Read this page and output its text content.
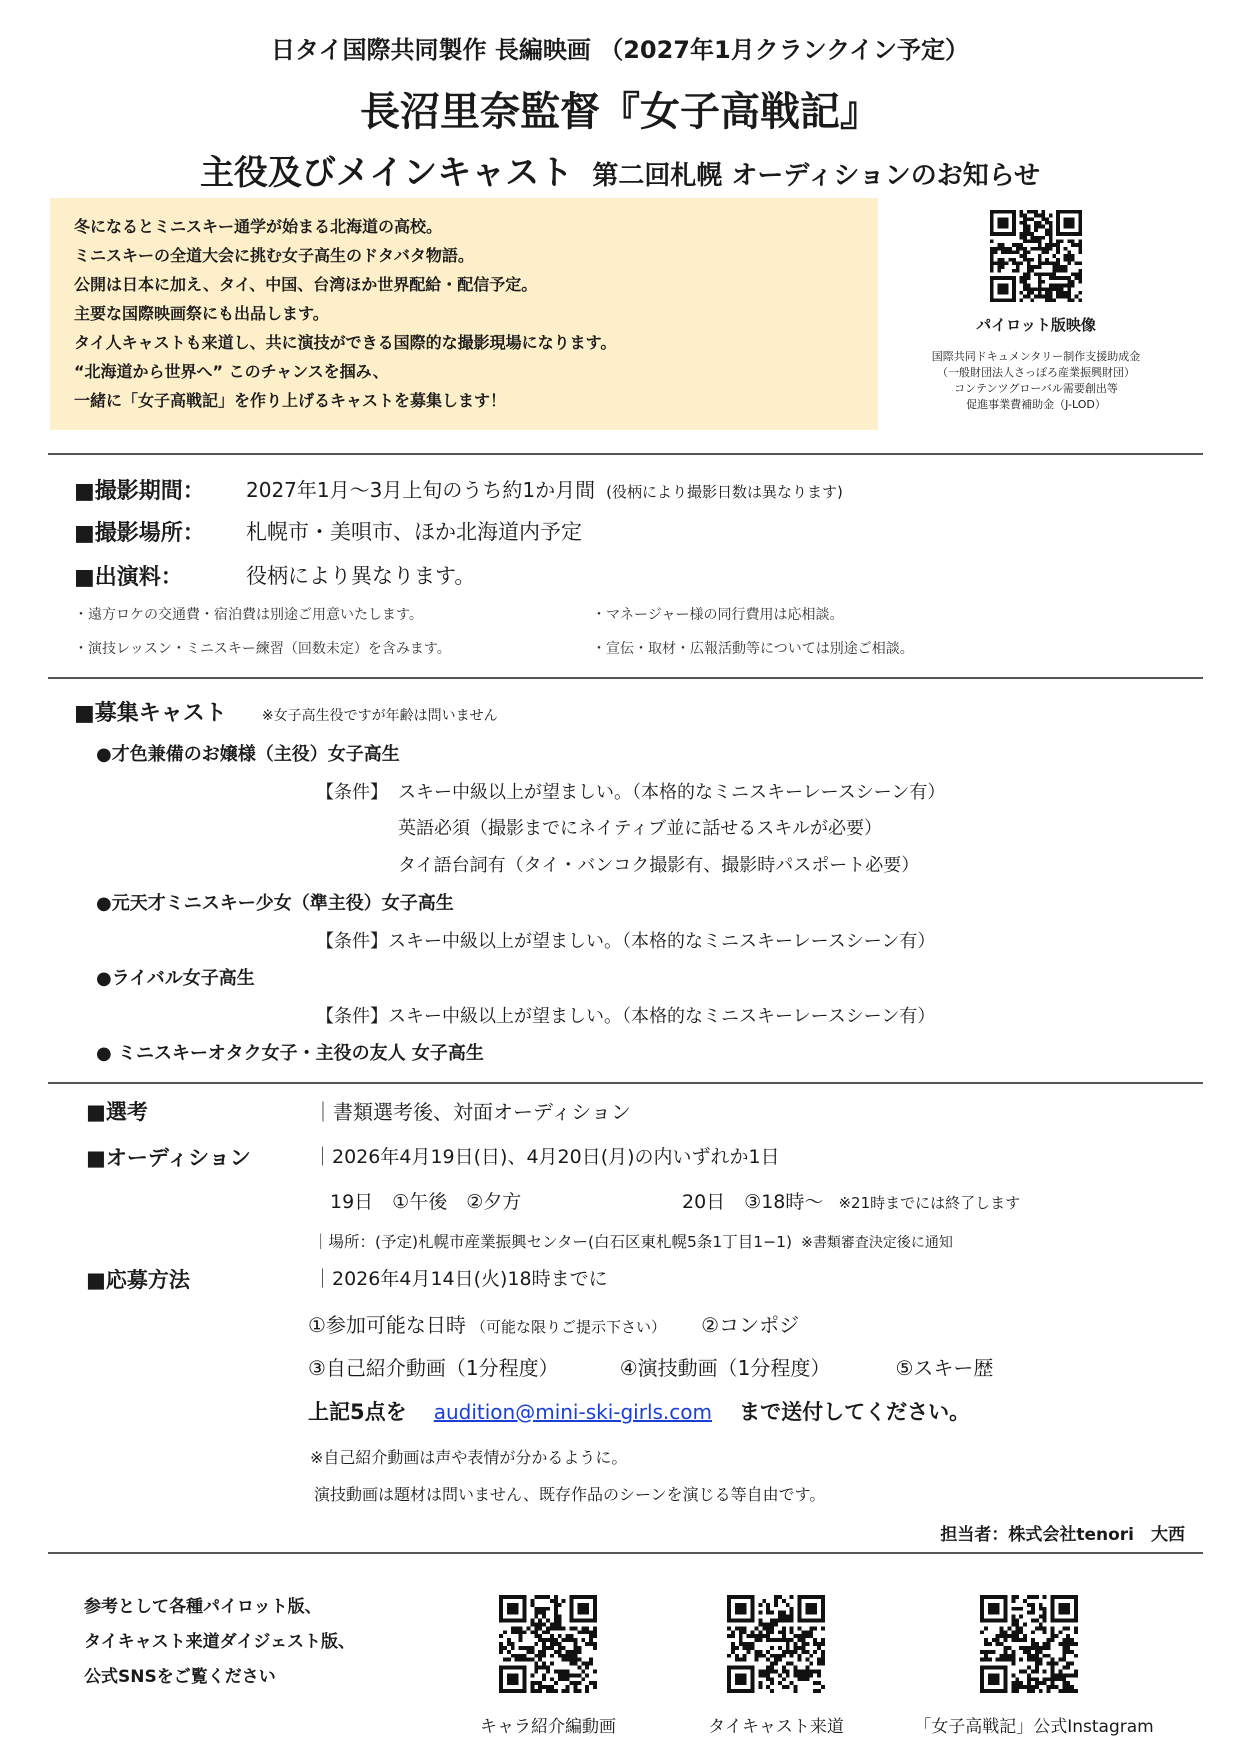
日タイ国際共同製作 長編映画 （2027年1月クランクイン予定）
長沼里奈監督『女子高戦記』
主役及びメインキャスト 第二回札幌 オーディションのお知らせ
冬になるとミニスキー通学が始まる北海道の高校。
ミニスキーの全道大会に挑む女子高生のドタバタ物語。
公開は日本に加え、タイ、中国、台湾ほか世界配給・配信予定。
主要な国際映画祭にも出品します。
タイ人キャストも来道し、共に演技ができる国際的な撮影現場になります。
“北海道から世界へ” このチャンスを掴み、
一緒に「女子高戦記」を作り上げるキャストを募集します！
パイロット版映像
国際共同ドキュメンタリー制作支援助成金
（一般財団法人さっぽろ産業振興財団）
コンテンツグローバル需要創出等
促進事業費補助金（J-LOD）
■撮影期間： 2027年1月～3月上旬のうち約1か月間 (役柄により撮影日数は異なります)
■撮影場所： 札幌市・美唄市、ほか北海道内予定
■出演料：	役柄により異なります。
・遠方ロケの交通費・宿泊費は別途ご用意いたします。	・マネージャー様の同行費用は応相談。
・演技レッスン・ミニスキー練習（回数未定）を含みます。	・宣伝・取材・広報活動等については別途ご相談。
■募集キャスト	※女子高生役ですが年齢は問いません
●才色兼備のお嬢様（主役）女子高生
【条件】 スキー中級以上が望ましい。（本格的なミニスキーレースシーン有）
英語必須（撮影までにネイティブ並に話せるスキルが必要）
タイ語台詞有（タイ・バンコク撮影有、撮影時パスポート必要）
●元天才ミニスキー少女（準主役）女子高生
【条件】スキー中級以上が望ましい。（本格的なミニスキーレースシーン有）
●ライバル女子高生
【条件】スキー中級以上が望ましい。（本格的なミニスキーレースシーン有）
● ミニスキーオタク女子・主役の友人 女子高生
■選考	｜書類選考後、対面オーディション
■オーディション	｜2026年4月19日(日)、4月20日(月)の内いずれか1日
19日　①午後　②夕方	20日　③18時～ ※21時までには終了します
｜場所：(予定)札幌市産業振興センター(白石区東札幌5条1丁目1−1) ※書類審査決定後に通知
■応募方法	｜2026年4月14日(火)18時までに
①参加可能な日時 （可能な限りご提示下さい） ②コンポジ
③自己紹介動画（1分程度）	④演技動画（1分程度）	⑤スキー歴
上記5点を audition@mini-ski-girls.com まで送付してください。
※自己紹介動画は声や表情が分かるように。
演技動画は題材は問いません、既存作品のシーンを演じる等自由です。
担当者：株式会社tenori　大西
参考として各種パイロット版、
タイキャスト来道ダイジェスト版、
公式SNSをご覧ください
キャラ紹介編動画	タイキャスト来道	「女子高戦記」公式Instagram
